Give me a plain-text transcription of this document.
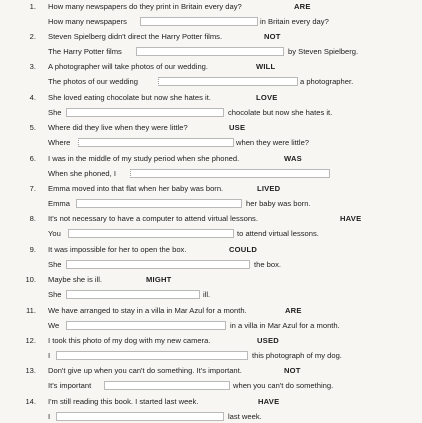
1. How many newspapers do they print in Britain every day?	ARE
How many newspapers	in Britain every day?
2. Steven Spielberg didn't direct the Harry Potter films.	NOT
The Harry Potter films	by Steven Spielberg.
3. A photographer will take photos of our wedding.	WILL
The photos of our wedding	a photographer.
4. She loved eating chocolate but now she hates it.	LOVE
She	chocolate but now she hates it.
5. Where did they live when they were little?	USE
Where	when they were little?
6. I was in the middle of my study period when she phoned.	WAS
When she phoned, I
7. Emma moved into that flat when her baby was born.	LIVED
Emma	her baby was born.
8. It's not necessary to have a computer to attend virtual lessons.	HAVE
You	to attend virtual lessons.
9. It was impossible for her to open the box.	COULD
She	the box.
10. Maybe she is ill.	MIGHT
She	ill.
11. We have arranged to stay in a villa in Mar Azul for a month.	ARE
We	in a villa in Mar Azul for a month.
12. I took this photo of my dog with my new camera.	USED
I	this photograph of my dog.
13. Don't give up when you can't do something. It's important.	NOT
It's important	when you can't do something.
14. I'm still reading this book. I started last week.	HAVE
I	last week.
